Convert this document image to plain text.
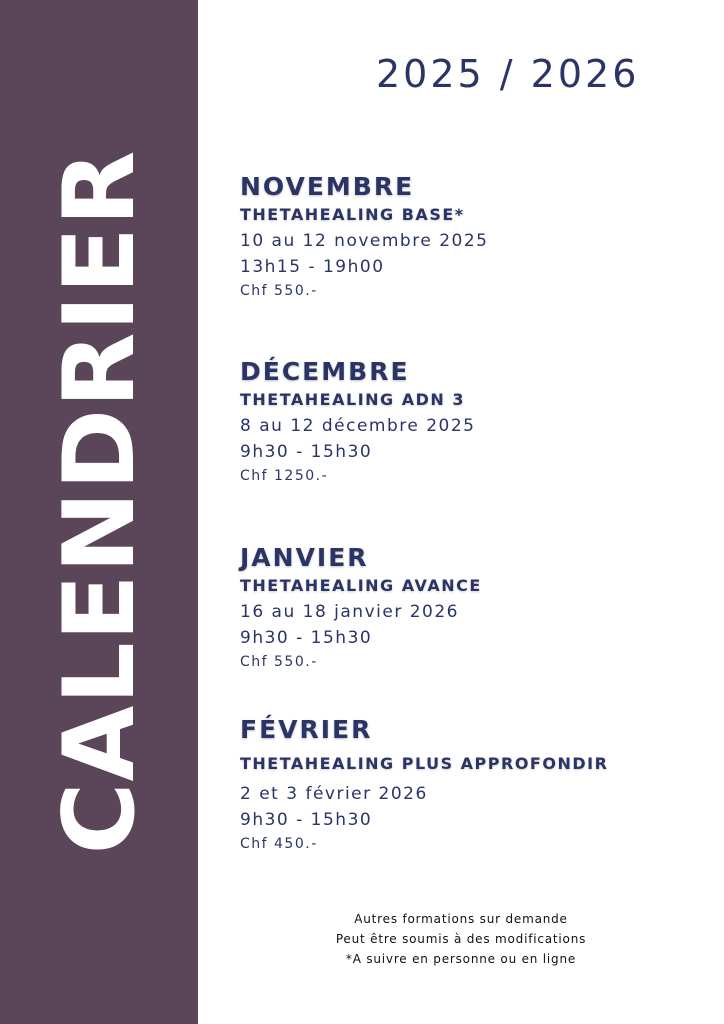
CALENDRIER
2025 / 2026
NOVEMBRE
THETAHEALING BASE*
10 au 12 novembre 2025
13h15 - 19h00
Chf 550.-
DÉCEMBRE
THETAHEALING ADN 3
8 au 12 décembre 2025
9h30 - 15h30
Chf 1250.-
JANVIER
THETAHEALING AVANCE
16 au 18 janvier 2026
9h30 - 15h30
Chf 550.-
FÉVRIER
THETAHEALING PLUS APPROFONDIR
2 et 3 février 2026
9h30 - 15h30
Chf 450.-
Autres formations sur demande
Peut être soumis à des modifications
*A suivre en personne ou en ligne
